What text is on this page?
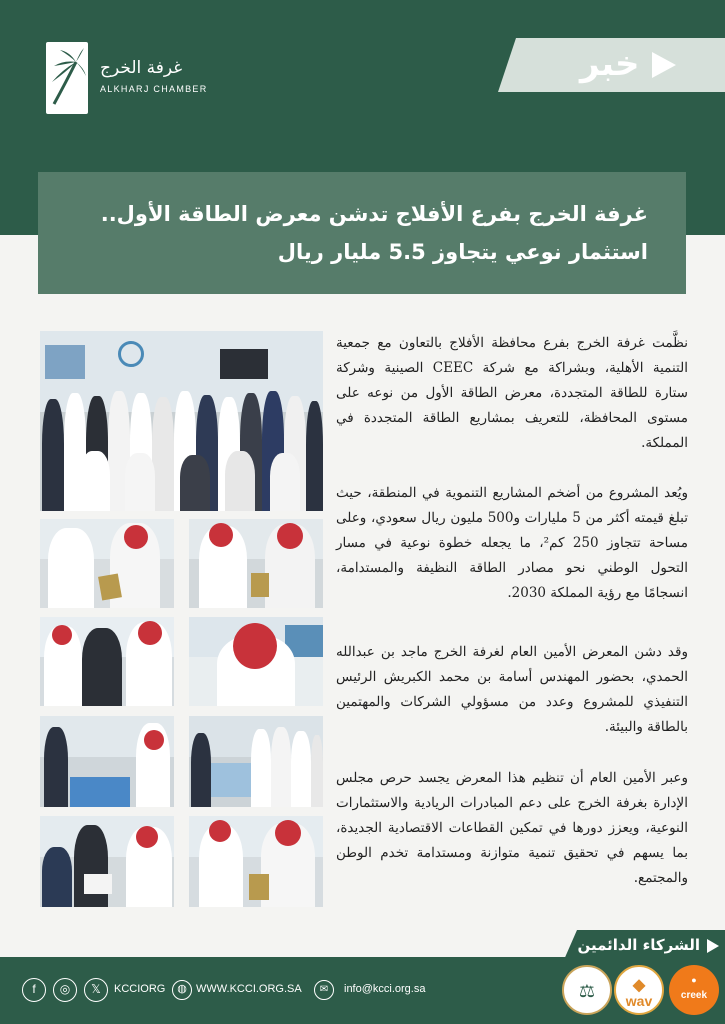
غرفة الخرج
ALKHARJ CHAMBER
خبر
غرفة الخرج بفرع الأفلاج تدشن معرض الطاقة الأول..
استثمار نوعي يتجاوز 5.5 مليار ريال
نظَّمت غرفة الخرج بفرع محافظة الأفلاج بالتعاون مع جمعية التنمية الأهلية، وبشراكة مع شركة CEEC الصينية وشركة ستارة للطاقة المتجددة، معرض الطاقة الأول من نوعه على مستوى المحافظة، للتعريف بمشاريع الطاقة المتجددة في المملكة.
ويُعد المشروع من أضخم المشاريع التنموية في المنطقة، حيث تبلغ قيمته أكثر من 5 مليارات و500 مليون ريال سعودي، وعلى مساحة تتجاوز 250 كم²، ما يجعله خطوة نوعية في مسار التحول الوطني نحو مصادر الطاقة النظيفة والمستدامة، انسجامًا مع رؤية المملكة 2030.
وقد دشن المعرض الأمين العام لغرفة الخرج ماجد بن عبدالله الحمدي، بحضور المهندس أسامة بن محمد الكبريش الرئيس التنفيذي للمشروع وعدد من مسؤولي الشركات والمهتمين بالطاقة والبيئة.
وعبر الأمين العام أن تنظيم هذا المعرض يجسد حرص مجلس الإدارة بغرفة الخرج على دعم المبادرات الريادية والاستثمارات النوعية، ويعزز دورها في تمكين القطاعات الاقتصادية الجديدة، بما يسهم في تحقيق تنمية متوازنة ومستدامة تخدم الوطن والمجتمع.
الشركاء الدائمين
●
creek
◆
wav
⚖
f	◎	𝕏	KCCIORG	◍ WWW.KCCI.ORG.SA	✉	info@kcci.org.sa
